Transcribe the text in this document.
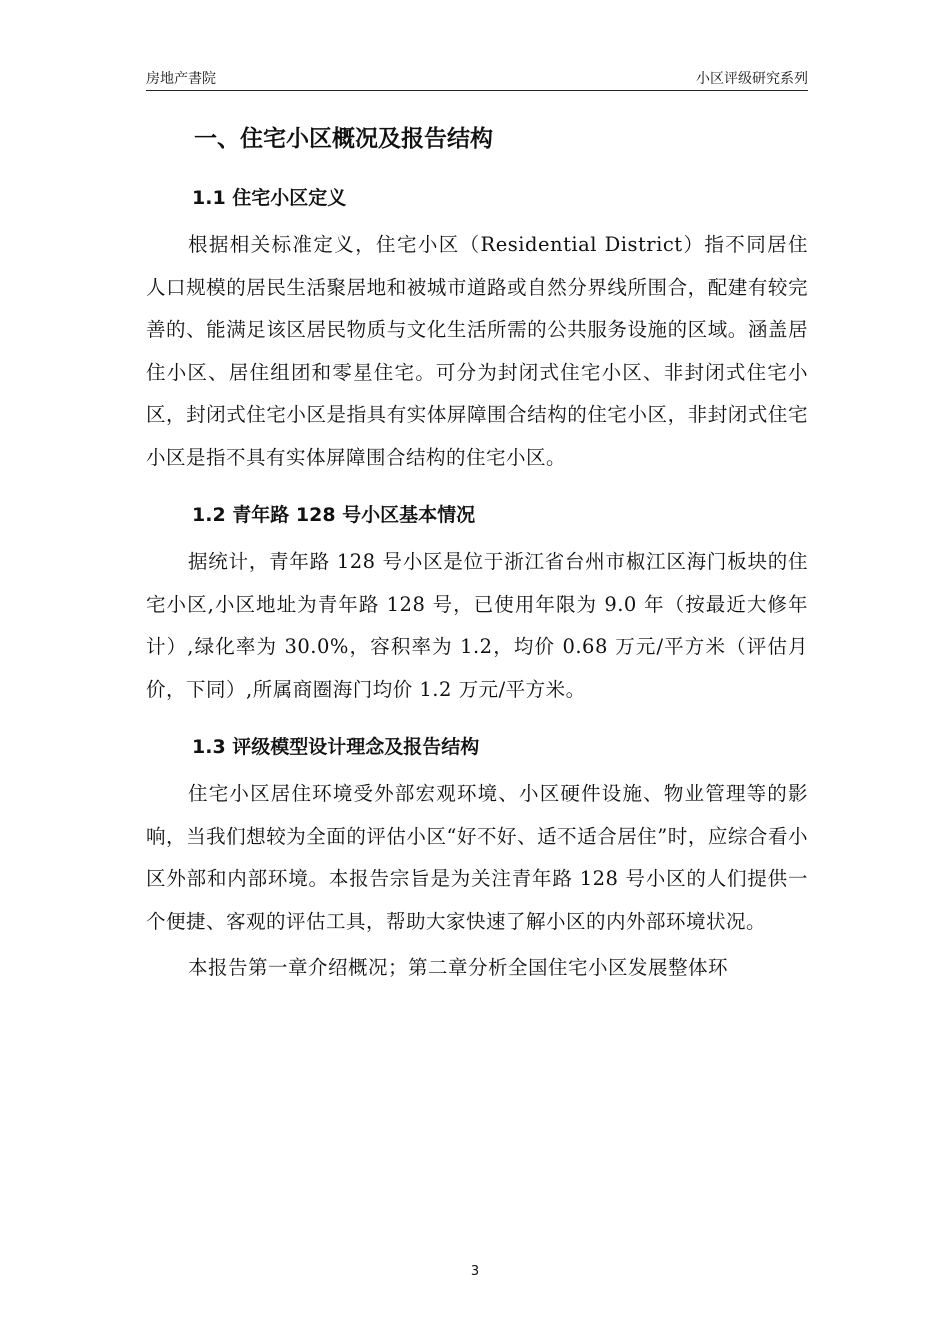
房地产書院	小区评级研究系列
一、住宅小区概况及报告结构
1.1 住宅小区定义

根据相关标准定义，住宅小区（Residential District）指不同居住人口规模的居民生活聚居地和被城市道路或自然分界线所围合，配建有较完善的、能满足该区居民物质与文化生活所需的公共服务设施的区域。涵盖居住小区、居住组团和零星住宅。可分为封闭式住宅小区、非封闭式住宅小区，封闭式住宅小区是指具有实体屏障围合结构的住宅小区，非封闭式住宅小区是指不具有实体屏障围合结构的住宅小区。

1.2 青年路 128 号小区基本情况

据统计，青年路 128 号小区是位于浙江省台州市椒江区海门板块的住宅小区,小区地址为青年路 128 号，已使用年限为 9.0 年（按最近大修年计）,绿化率为 30.0%，容积率为 1.2，均价 0.68 万元/平方米（评估月价，下同）,所属商圈海门均价 1.2 万元/平方米。

1.3 评级模型设计理念及报告结构

住宅小区居住环境受外部宏观环境、小区硬件设施、物业管理等的影响，当我们想较为全面的评估小区“好不好、适不适合居住”时，应综合看小区外部和内部环境。本报告宗旨是为关注青年路 128 号小区的人们提供一个便捷、客观的评估工具，帮助大家快速了解小区的内外部环境状况。

本报告第一章介绍概况；第二章分析全国住宅小区发展整体环

3
